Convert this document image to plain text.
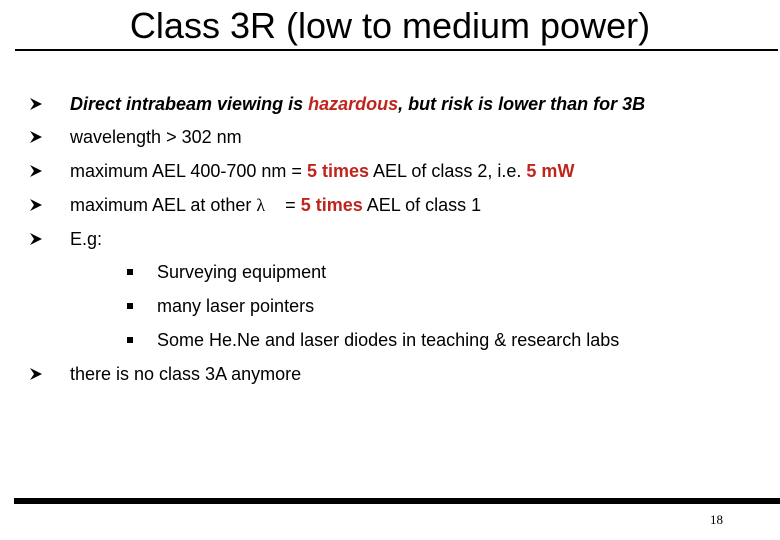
Class 3R (low to medium power)
Direct intrabeam viewing is hazardous, but risk is lower than for 3B
wavelength > 302 nm
maximum AEL 400-700 nm = 5 times AEL of class 2, i.e. 5 mW
maximum AEL at other λ    = 5 times AEL of class 1
E.g:
Surveying equipment
many laser pointers
Some He.Ne and laser diodes in teaching & research labs
there is no class 3A anymore
18
